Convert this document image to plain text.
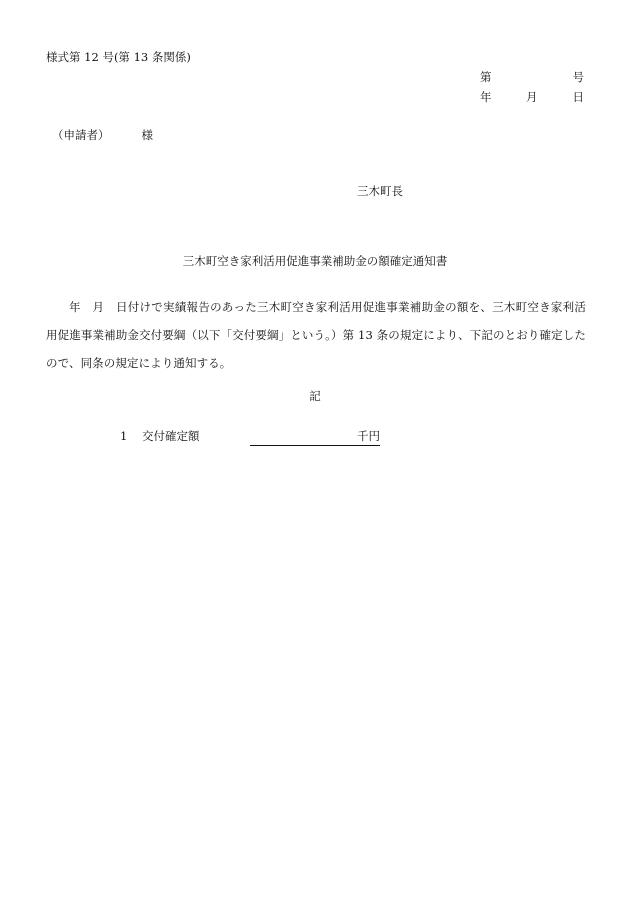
様式第 12 号(第 13 条関係)
第	号
年	月	日
（申請者）	様
三木町長
三木町空き家利活用促進事業補助金の額確定通知書
年　月　日付けで実績報告のあった三木町空き家利活用促進事業補助金の額を、三木町空き家利活用促進事業補助金交付要綱（以下「交付要綱」という。）第 13 条の規定により、下記のとおり確定したので、同条の規定により通知する。
記
1 交付確定額	千円
